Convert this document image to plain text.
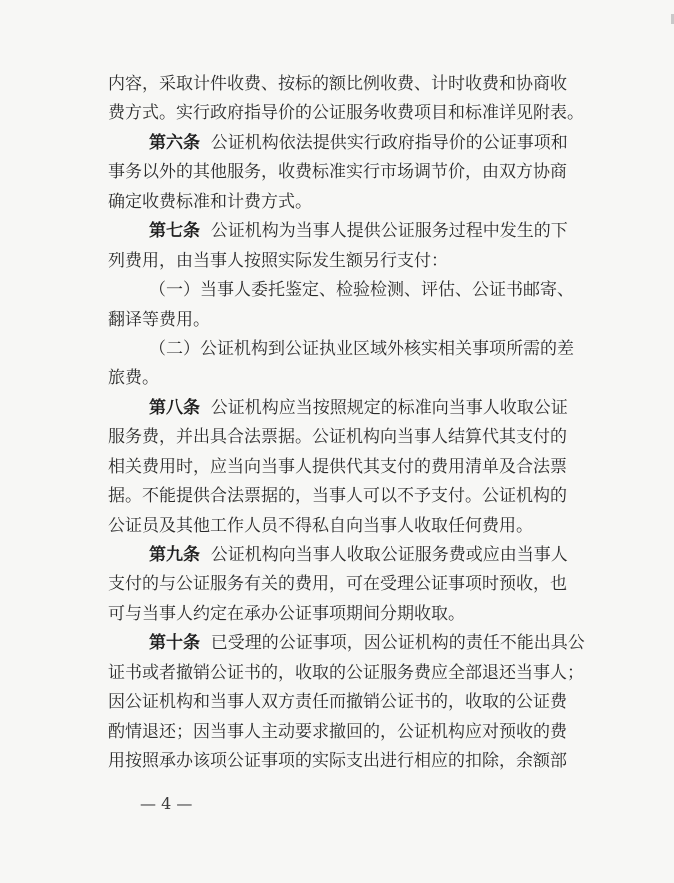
内容，采取计件收费、按标的额比例收费、计时收费和协商收
费方式。实行政府指导价的公证服务收费项目和标准详见附表。
第六条  公证机构依法提供实行政府指导价的公证事项和
事务以外的其他服务，收费标准实行市场调节价，由双方协商
确定收费标准和计费方式。
第七条  公证机构为当事人提供公证服务过程中发生的下
列费用，由当事人按照实际发生额另行支付：
（一）当事人委托鉴定、检验检测、评估、公证书邮寄、
翻译等费用。
（二）公证机构到公证执业区域外核实相关事项所需的差
旅费。
第八条  公证机构应当按照规定的标准向当事人收取公证
服务费，并出具合法票据。公证机构向当事人结算代其支付的
相关费用时，应当向当事人提供代其支付的费用清单及合法票
据。不能提供合法票据的，当事人可以不予支付。公证机构的
公证员及其他工作人员不得私自向当事人收取任何费用。
第九条  公证机构向当事人收取公证服务费或应由当事人
支付的与公证服务有关的费用，可在受理公证事项时预收，也
可与当事人约定在承办公证事项期间分期收取。
第十条  已受理的公证事项，因公证机构的责任不能出具公
证书或者撤销公证书的，收取的公证服务费应全部退还当事人；
因公证机构和当事人双方责任而撤销公证书的，收取的公证费
酌情退还；因当事人主动要求撤回的，公证机构应对预收的费
用按照承办该项公证事项的实际支出进行相应的扣除，余额部
— 4 —
